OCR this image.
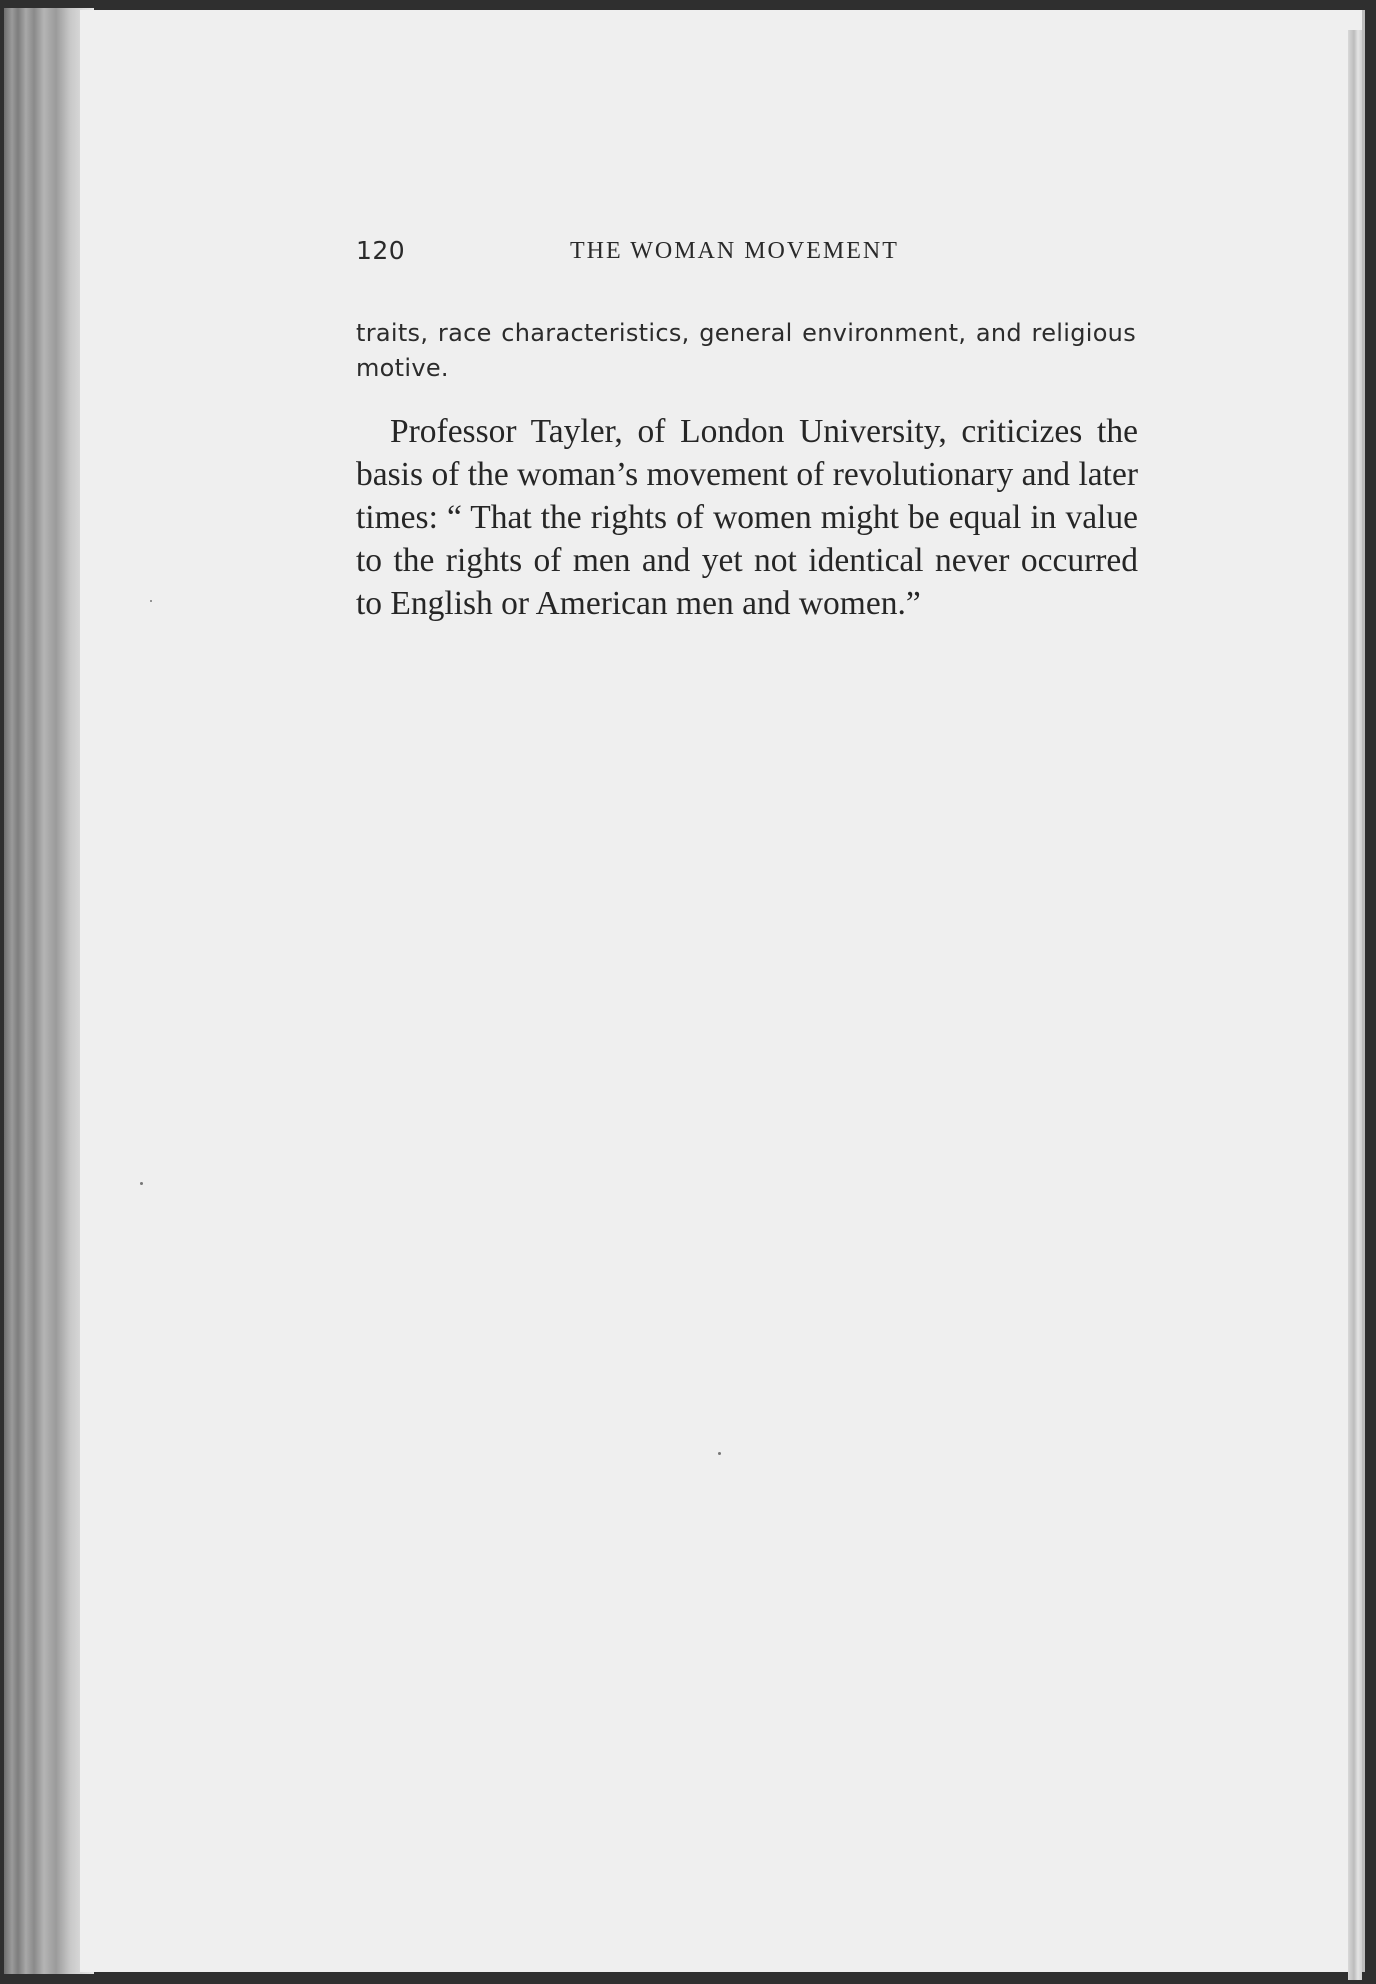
120	THE WOMAN MOVEMENT
traits, race characteristics, general environment, and religious motive.
Professor Tayler, of London University, criticizes the basis of the woman’s movement of revolutionary and later times: “ That the rights of women might be equal in value to the rights of men and yet not identical never occurred to English or American men and women.”
